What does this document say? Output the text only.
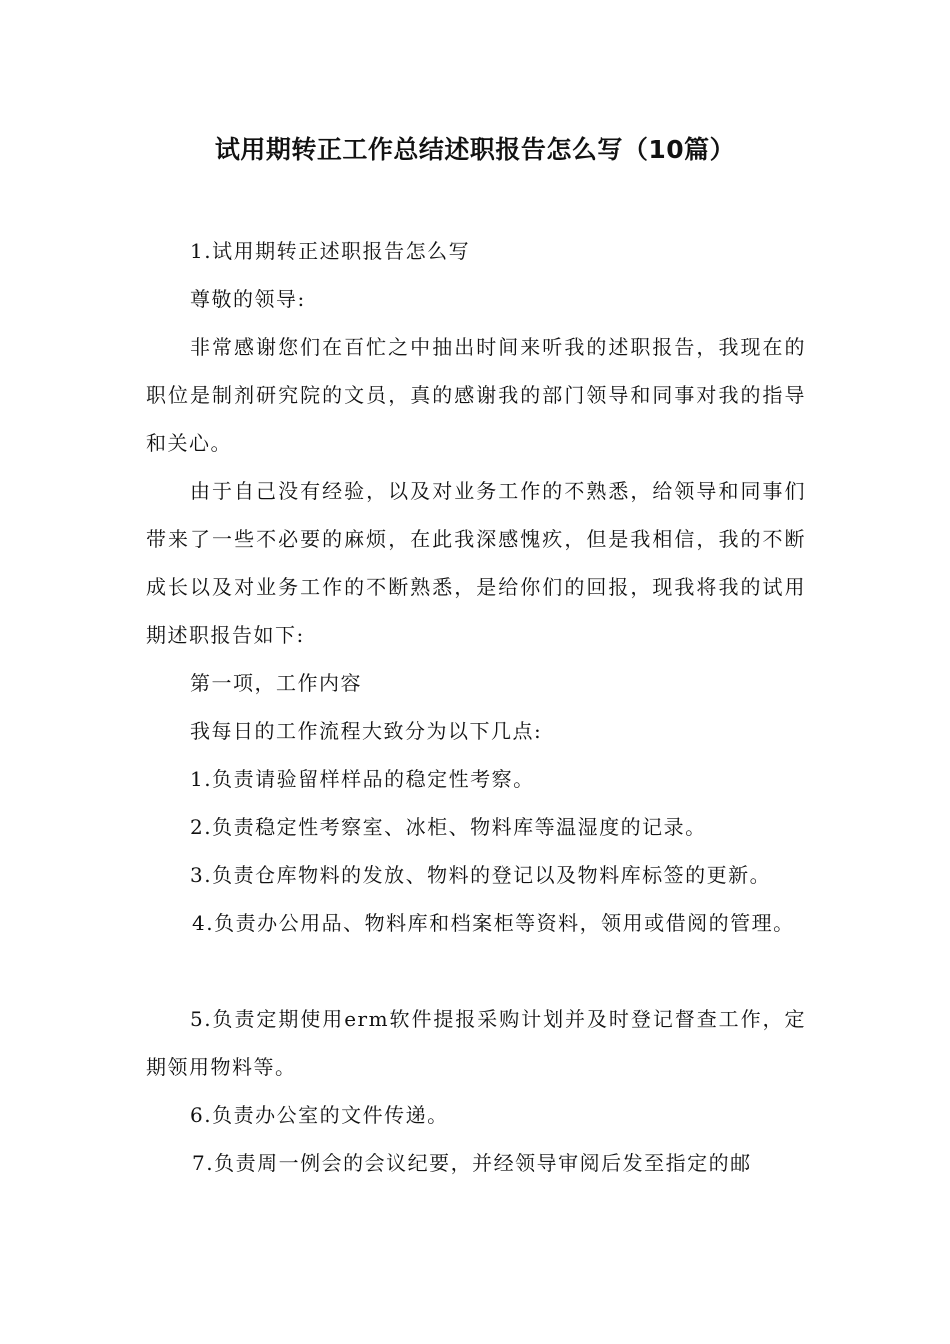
试用期转正工作总结述职报告怎么写（10篇）

1.试用期转正述职报告怎么写

尊敬的领导:

非常感谢您们在百忙之中抽出时间来听我的述职报告，我现在的职位是制剂研究院的文员，真的感谢我的部门领导和同事对我的指导和关心。

由于自己没有经验，以及对业务工作的不熟悉，给领导和同事们带来了一些不必要的麻烦，在此我深感愧疚，但是我相信，我的不断成长以及对业务工作的不断熟悉，是给你们的回报，现我将我的试用期述职报告如下:

第一项，工作内容

我每日的工作流程大致分为以下几点:

1.负责请验留样样品的稳定性考察。

2.负责稳定性考察室、冰柜、物料库等温湿度的记录。

3.负责仓库物料的发放、物料的登记以及物料库标签的更新。

4.负责办公用品、物料库和档案柜等资料，领用或借阅的管理。

5.负责定期使用erm软件提报采购计划并及时登记督查工作，定期领用物料等。

6.负责办公室的文件传递。

7.负责周一例会的会议纪要，并经领导审阅后发至指定的邮
